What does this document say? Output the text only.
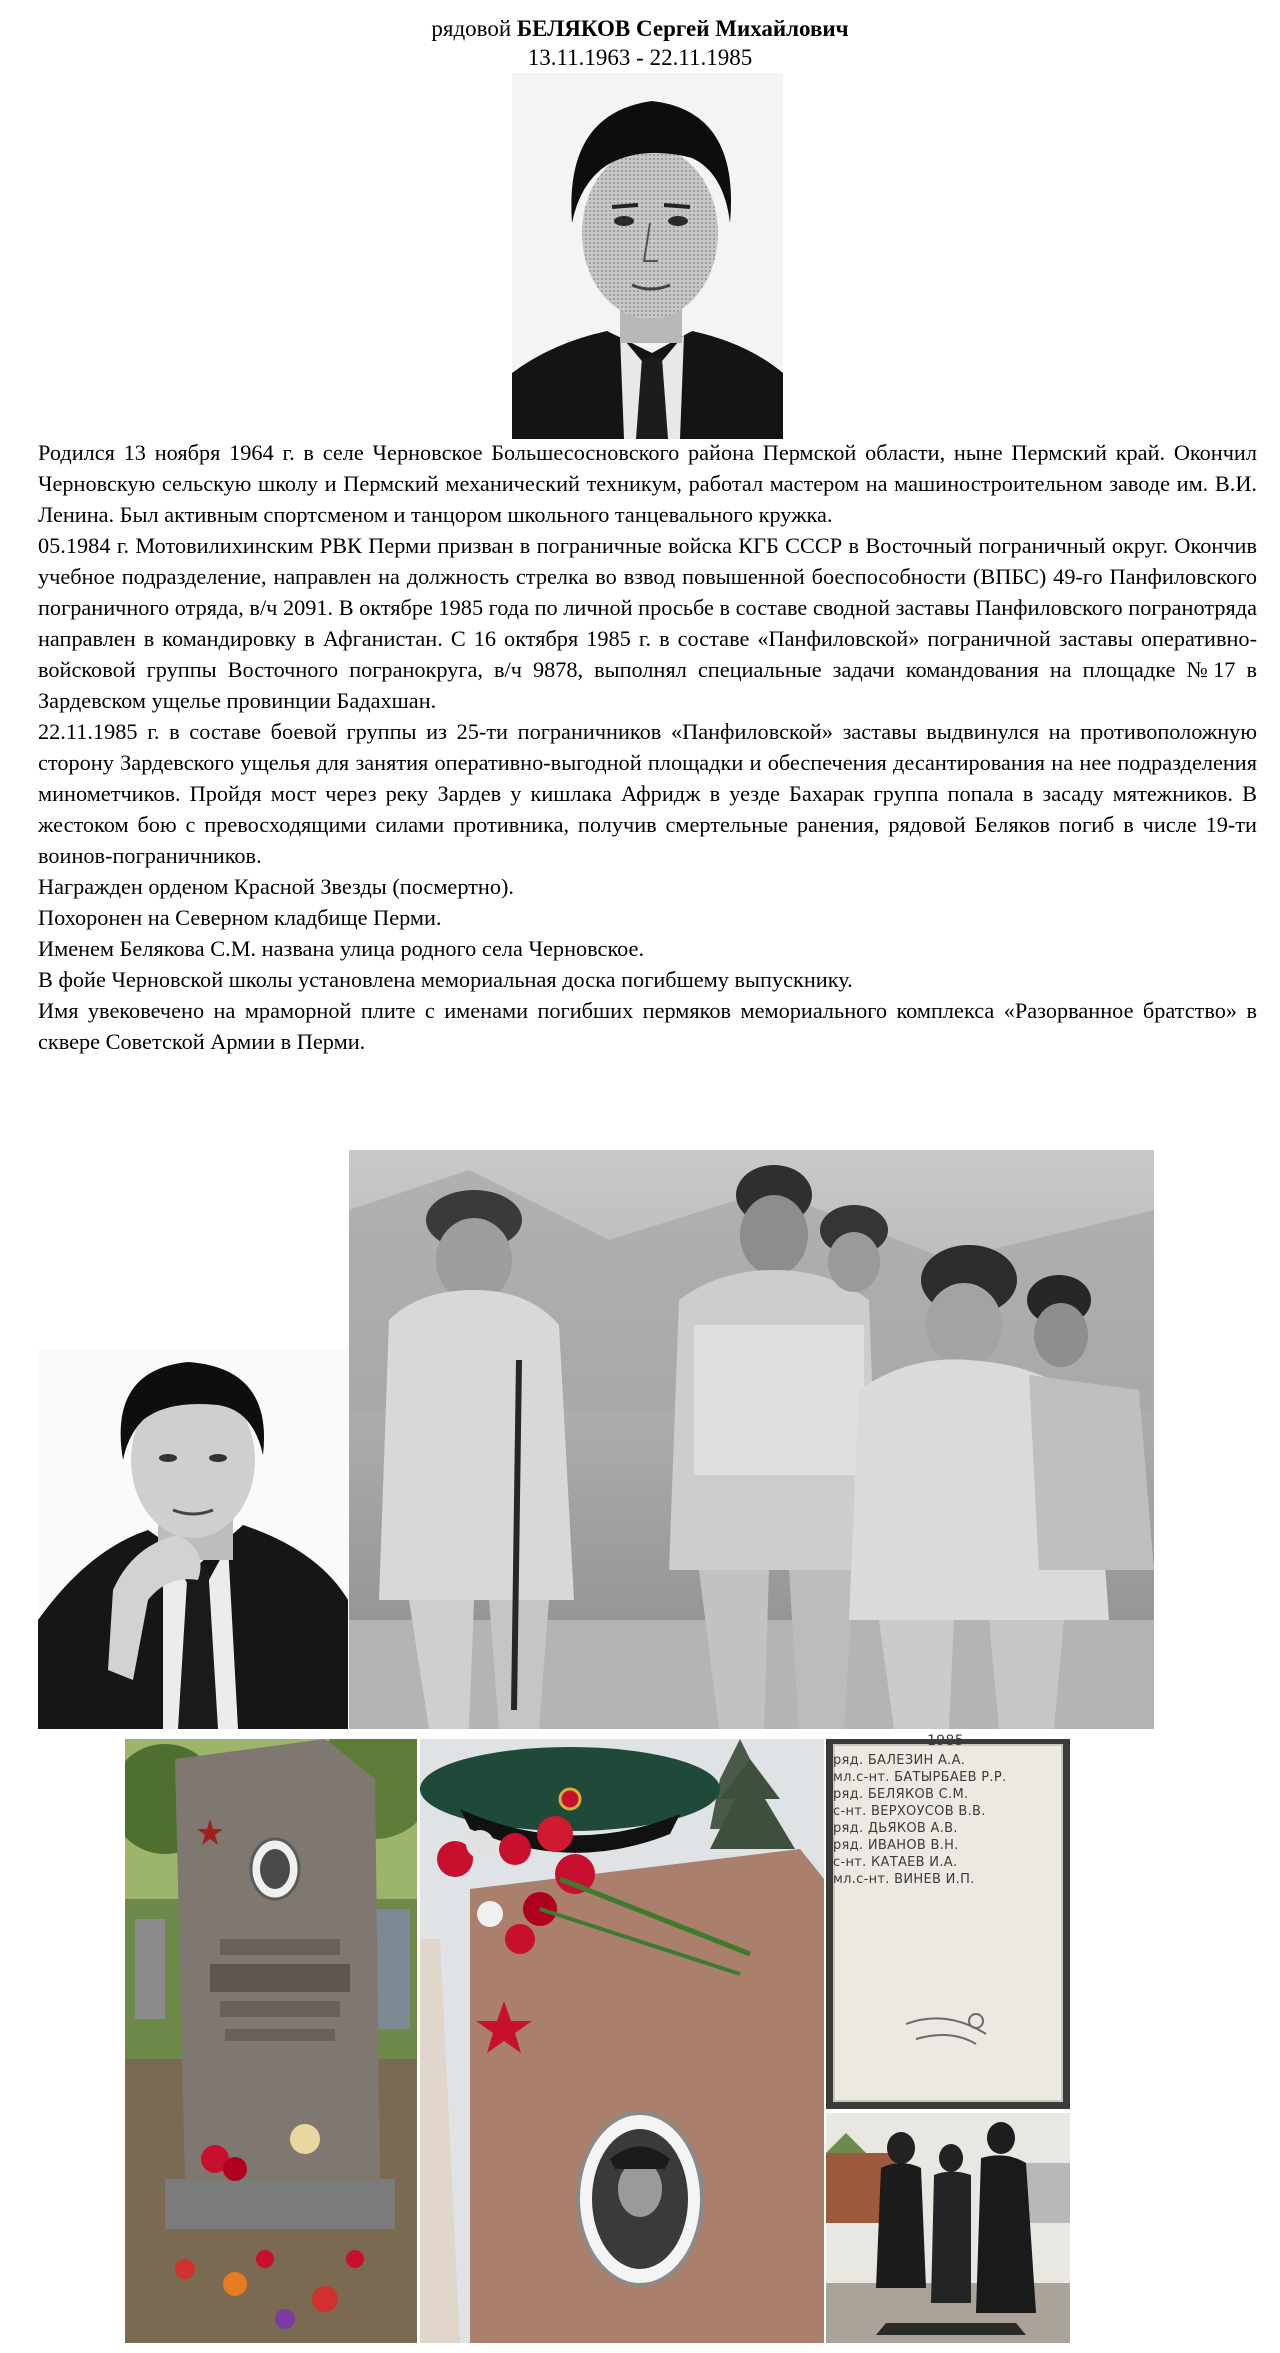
рядовой БЕЛЯКОВ Сергей Михайлович
13.11.1963 - 22.11.1985

Родился 13 ноября 1964 г. в селе Черновское Большесосновского района Пермской области, ныне Пермский край. Окончил Черновскую сельскую школу и Пермский механический техникум, работал мастером на машиностроительном заводе им. В.И. Ленина. Был активным спортсменом и танцором школьного танцевального кружка.

05.1984 г. Мотовилихинским РВК Перми призван в пограничные войска КГБ СССР в Восточный пограничный округ. Окончив учебное подразделение, направлен на должность стрелка во взвод повышенной боеспособности (ВПБС) 49-го Панфиловского пограничного отряда, в/ч 2091. В октябре 1985 года по личной просьбе в составе сводной заставы Панфиловского погранотряда направлен в командировку в Афганистан. С 16 октября 1985 г. в составе «Панфиловской» пограничной заставы оперативно-войсковой группы Восточного погранокруга, в/ч 9878, выполнял специальные задачи командования на площадке №17 в Зардевском ущелье провинции Бадахшан.

22.11.1985 г. в составе боевой группы из 25-ти пограничников «Панфиловской» заставы выдвинулся на противоположную сторону Зардевского ущелья для занятия оперативно-выгодной площадки и обеспечения десантирования на нее подразделения минометчиков. Пройдя мост через реку Зардев у кишлака Афридж в уезде Бахарак группа попала в засаду мятежников. В жестоком бою с превосходящими силами противника, получив смертельные ранения, рядовой Беляков погиб в числе 19-ти воинов-пограничников.

Награжден орденом Красной Звезды (посмертно).

Похоронен на Северном кладбище Перми.

Именем Белякова С.М. названа улица родного села Черновское.

В фойе Черновской школы установлена мемориальная доска погибшему выпускнику.

Имя увековечено на мраморной плите с именами погибших пермяков мемориального комплекса «Разорванное братство» в сквере Советской Армии в Перми.

1985
ряд. БАЛЕЗИН А.А.
мл.с-нт. БАТЫРБАЕВ Р.Р.
ряд. БЕЛЯКОВ С.М.
с-нт. ВЕРХОУСОВ В.В.
ряд. ДЬЯКОВ А.В.
ряд. ИВАНОВ В.Н.
с-нт. КАТАЕВ И.А.
мл.с-нт. ВИНЕВ И.П.
